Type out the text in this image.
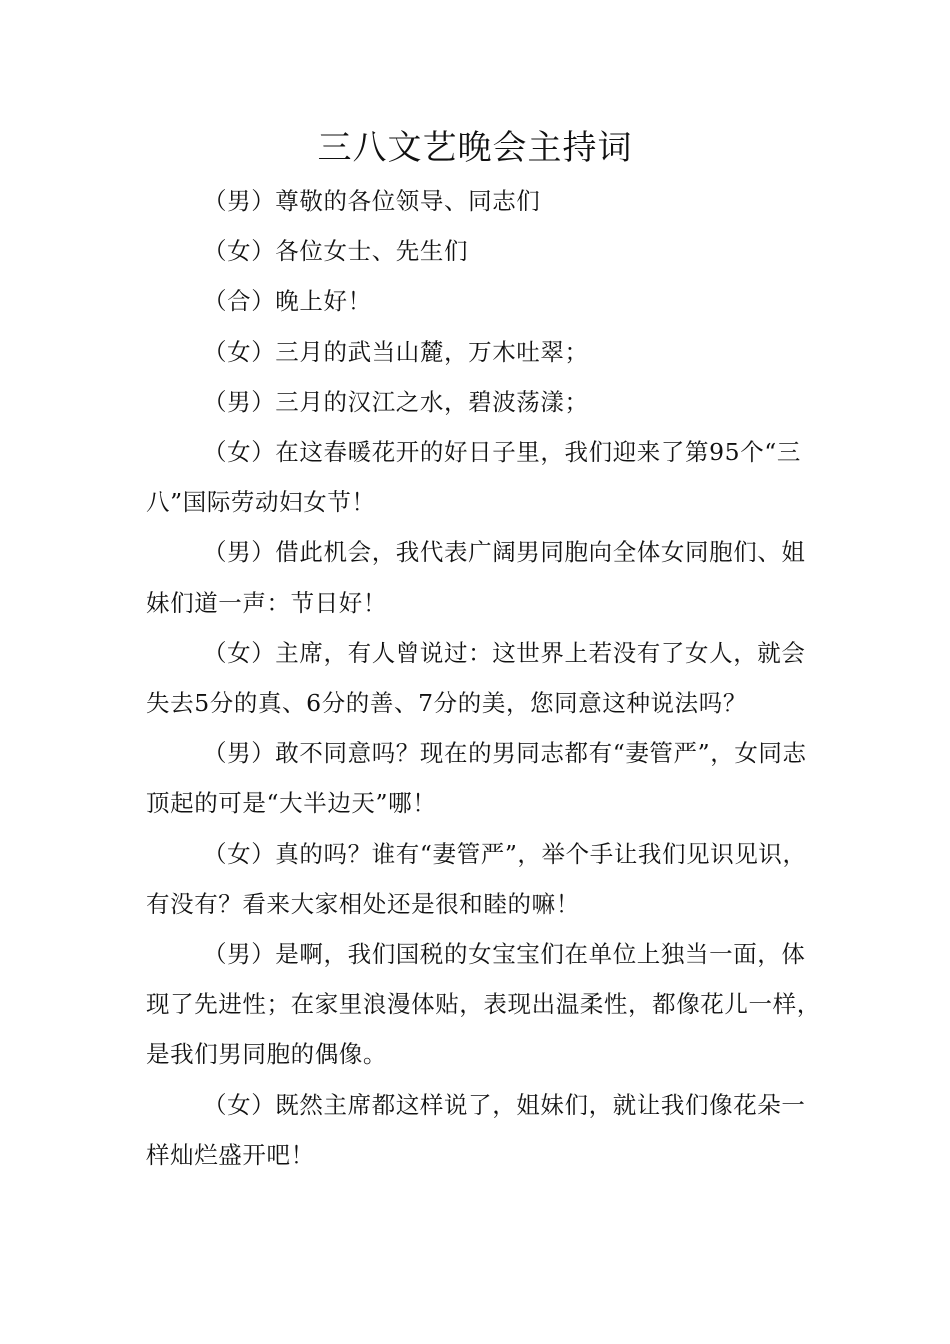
三八文艺晚会主持词

（男）尊敬的各位领导、同志们

（女）各位女士、先生们

（合）晚上好！

（女）三月的武当山麓，万木吐翠；

（男）三月的汉江之水，碧波荡漾；

（女）在这春暖花开的好日子里，我们迎来了第95个“三八”国际劳动妇女节！

（男）借此机会，我代表广阔男同胞向全体女同胞们、姐妹们道一声：节日好！

（女）主席，有人曾说过：这世界上若没有了女人，就会失去5分的真、6分的善、7分的美，您同意这种说法吗？

（男）敢不同意吗？现在的男同志都有“妻管严”，女同志顶起的可是“大半边天”哪！

（女）真的吗？谁有“妻管严”，举个手让我们见识见识，有没有？看来大家相处还是很和睦的嘛！

（男）是啊，我们国税的女宝宝们在单位上独当一面，体现了先进性；在家里浪漫体贴，表现出温柔性，都像花儿一样，是我们男同胞的偶像。

（女）既然主席都这样说了，姐妹们，就让我们像花朵一样灿烂盛开吧！
